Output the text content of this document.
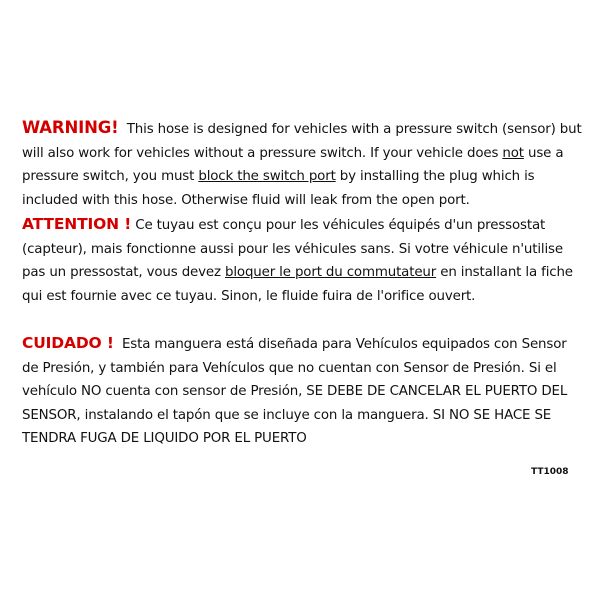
WARNING! This hose is designed for vehicles with a pressure switch (sensor) but will also work for vehicles without a pressure switch. If your vehicle does not use a pressure switch, you must block the switch port by installing the plug which is included with this hose. Otherwise fluid will leak from the open port.

ATTENTION ! Ce tuyau est conçu pour les véhicules équipés d'un pressostat (capteur), mais fonctionne aussi pour les véhicules sans. Si votre véhicule n'utilise pas un pressostat, vous devez bloquer le port du commutateur en installant la fiche qui est fournie avec ce tuyau. Sinon, le fluide fuira de l'orifice ouvert.

CUIDADO ! Esta manguera está diseñada para Vehículos equipados con Sensor de Presión, y también para Vehículos que no cuentan con Sensor de Presión. Si el vehículo NO cuenta con sensor de Presión, SE DEBE DE CANCELAR EL PUERTO DEL SENSOR, instalando el tapón que se incluye con la manguera. SI NO SE HACE SE TENDRA FUGA DE LIQUIDO POR EL PUERTO

TT1008
